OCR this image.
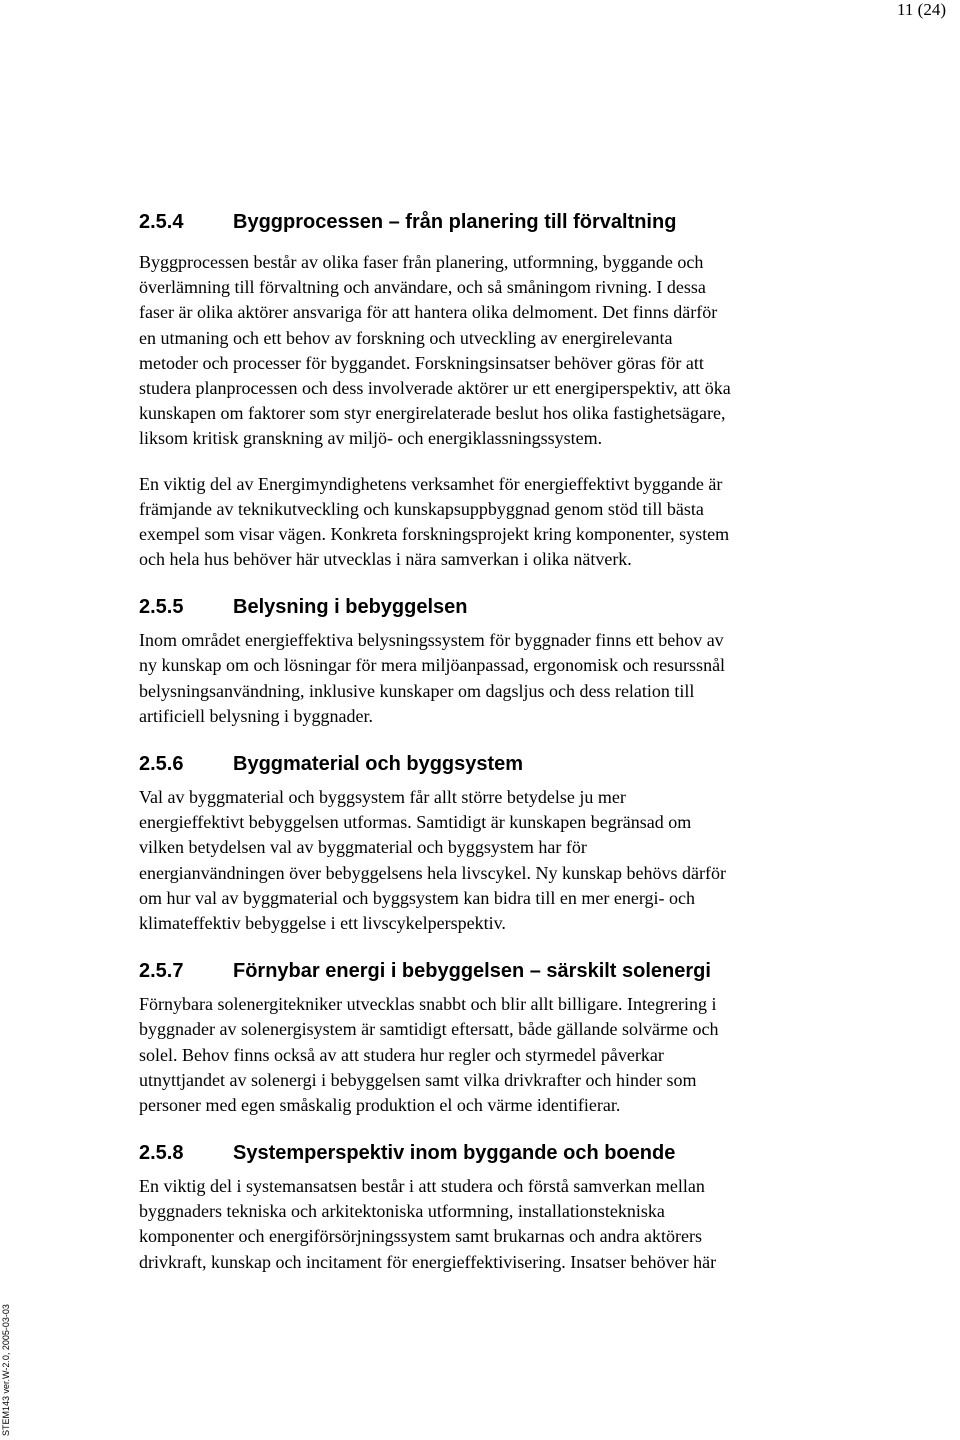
11 (24)
2.5.4	Byggprocessen – från planering till förvaltning

Byggprocessen består av olika faser från planering, utformning, byggande och
överlämning till förvaltning och användare, och så småningom rivning. I dessa
faser är olika aktörer ansvariga för att hantera olika delmoment. Det finns därför
en utmaning och ett behov av forskning och utveckling av energirelevanta
metoder och processer för byggandet. Forskningsinsatser behöver göras för att
studera planprocessen och dess involverade aktörer ur ett energiperspektiv, att öka
kunskapen om faktorer som styr energirelaterade beslut hos olika fastighetsägare,
liksom kritisk granskning av miljö- och energiklassningssystem.

En viktig del av Energimyndighetens verksamhet för energieffektivt byggande är
främjande av teknikutveckling och kunskapsuppbyggnad genom stöd till bästa
exempel som visar vägen. Konkreta forskningsprojekt kring komponenter, system
och hela hus behöver här utvecklas i nära samverkan i olika nätverk.

2.5.5	Belysning i bebyggelsen

Inom området energieffektiva belysningssystem för byggnader finns ett behov av
ny kunskap om och lösningar för mera miljöanpassad, ergonomisk och resurssnål
belysningsanvändning, inklusive kunskaper om dagsljus och dess relation till
artificiell belysning i byggnader.

2.5.6	Byggmaterial och byggsystem

Val av byggmaterial och byggsystem får allt större betydelse ju mer
energieffektivt bebyggelsen utformas. Samtidigt är kunskapen begränsad om
vilken betydelsen val av byggmaterial och byggsystem har för
energianvändningen över bebyggelsens hela livscykel. Ny kunskap behövs därför
om hur val av byggmaterial och byggsystem kan bidra till en mer energi- och
klimateffektiv bebyggelse i ett livscykelperspektiv.

2.5.7	Förnybar energi i bebyggelsen – särskilt solenergi

Förnybara solenergitekniker utvecklas snabbt och blir allt billigare. Integrering i
byggnader av solenergisystem är samtidigt eftersatt, både gällande solvärme och
solel. Behov finns också av att studera hur regler och styrmedel påverkar
utnyttjandet av solenergi i bebyggelsen samt vilka drivkrafter och hinder som
personer med egen småskalig produktion el och värme identifierar.

2.5.8	Systemperspektiv inom byggande och boende

En viktig del i systemansatsen består i att studera och förstå samverkan mellan
byggnaders tekniska och arkitektoniska utformning, installationstekniska
komponenter och energiförsörjningssystem samt brukarnas och andra aktörers
drivkraft, kunskap och incitament för energieffektivisering. Insatser behöver här

STEM143 ver.W-2.0, 2005-03-03
